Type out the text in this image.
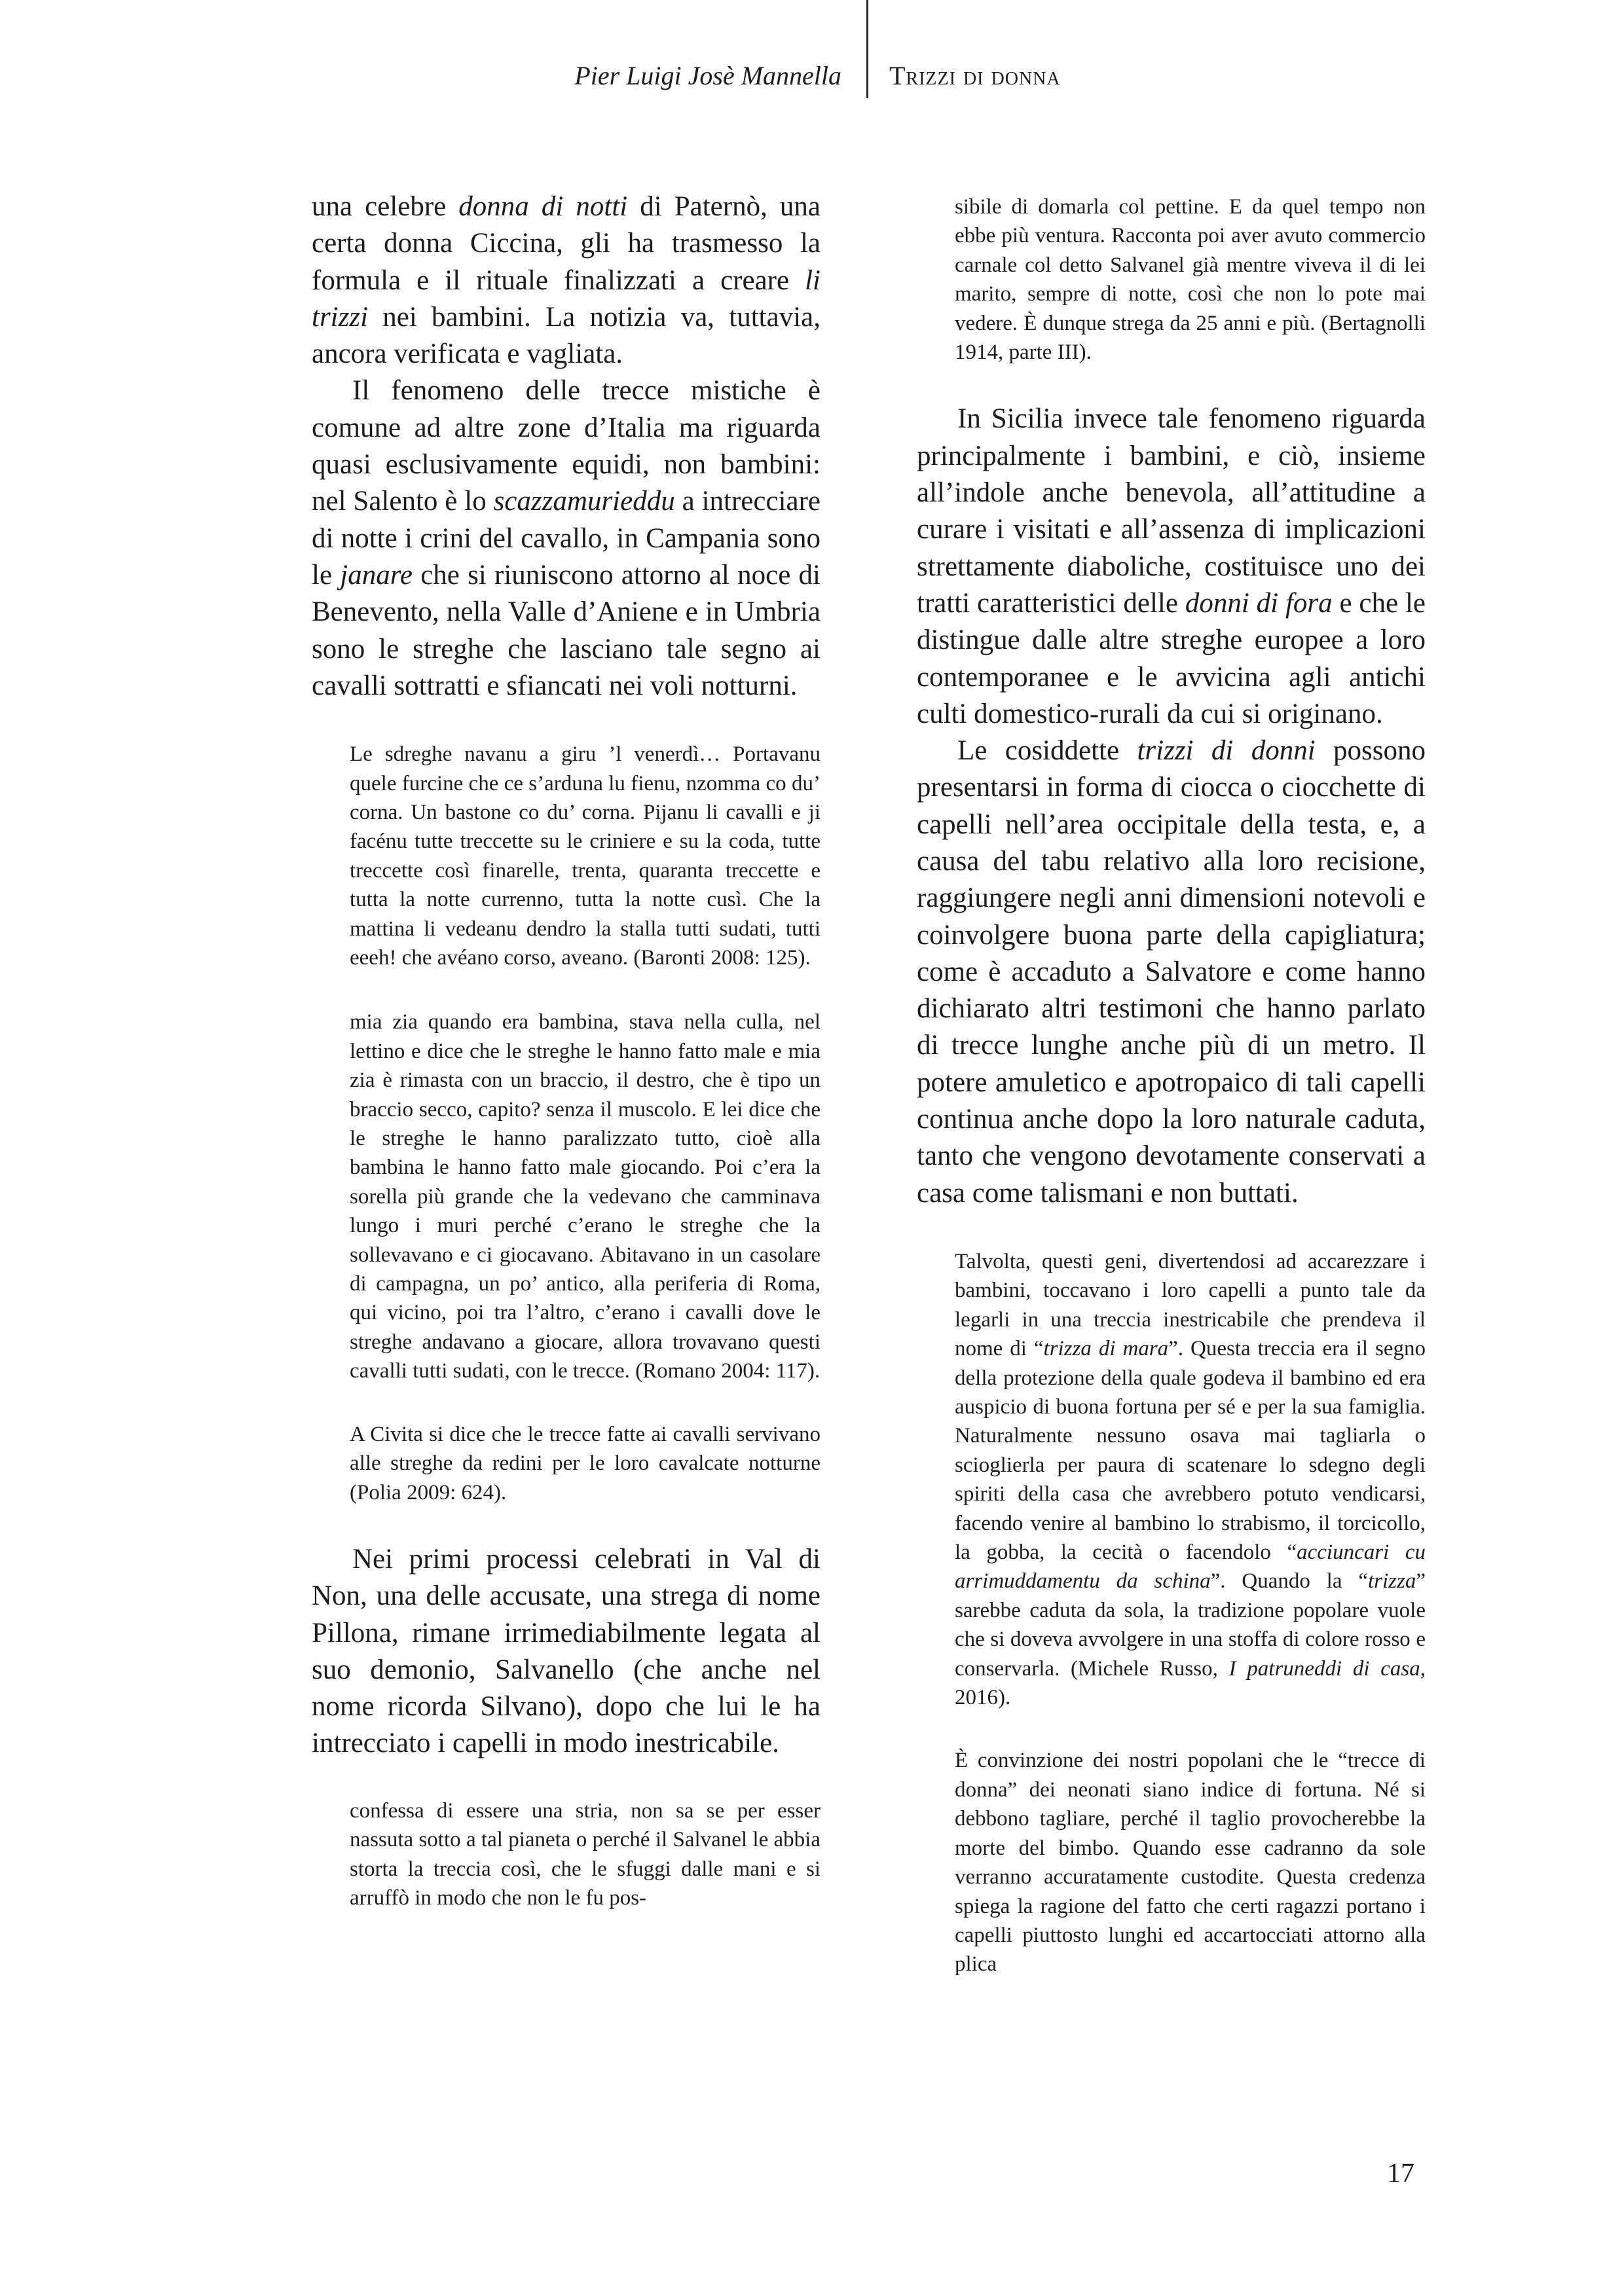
Pier Luigi Josè Mannella Trizzi di donna

una celebre donna di notti di Paternò, una certa donna Ciccina, gli ha trasmesso la formula e il rituale finalizzati a creare li trizzi nei bambini. La notizia va, tuttavia, ancora verificata e vagliata.

Il fenomeno delle trecce mistiche è comune ad altre zone d’Italia ma riguarda quasi esclusivamente equidi, non bambini: nel Salento è lo scazzamurieddu a intrecciare di notte i crini del cavallo, in Campania sono le janare che si riuniscono attorno al noce di Benevento, nella Valle d’Aniene e in Umbria sono le streghe che lasciano tale segno ai cavalli sottratti e sfiancati nei voli notturni.

Le sdreghe navanu a giru ’l venerdì… Portavanu quele furcine che ce s’arduna lu fienu, nzomma co du’ corna. Un bastone co du’ corna. Pijanu li cavalli e ji facénu tutte treccette su le criniere e su la coda, tutte treccette così finarelle, trenta, quaranta treccette e tutta la notte currenno, tutta la notte cusì. Che la mattina li vedeanu dendro la stalla tutti sudati, tutti eeeh! che avéano corso, aveano. (Baronti 2008: 125).

mia zia quando era bambina, stava nella culla, nel lettino e dice che le streghe le hanno fatto male e mia zia è rimasta con un braccio, il destro, che è tipo un braccio secco, capito? senza il muscolo. E lei dice che le streghe le hanno paralizzato tutto, cioè alla bambina le hanno fatto male giocando. Poi c’era la sorella più grande che la vedevano che camminava lungo i muri perché c’erano le streghe che la sollevavano e ci giocavano. Abitavano in un casolare di campagna, un po’ antico, alla periferia di Roma, qui vicino, poi tra l’altro, c’erano i cavalli dove le streghe andavano a giocare, allora trovavano questi cavalli tutti sudati, con le trecce. (Romano 2004: 117).

A Civita si dice che le trecce fatte ai cavalli servivano alle streghe da redini per le loro cavalcate notturne (Polia 2009: 624).

Nei primi processi celebrati in Val di Non, una delle accusate, una strega di nome Pillona, rimane irrimediabilmente legata al suo demonio, Salvanello (che anche nel nome ricorda Silvano), dopo che lui le ha intrecciato i capelli in modo inestricabile.

confessa di essere una stria, non sa se per esser nassuta sotto a tal pianeta o perché il Salvanel le abbia storta la treccia così, che le sfuggi dalle mani e si arruffò in modo che non le fu pos-

sibile di domarla col pettine. E da quel tempo non ebbe più ventura. Racconta poi aver avuto commercio carnale col detto Salvanel già mentre viveva il di lei marito, sempre di notte, così che non lo pote mai vedere. È dunque strega da 25 anni e più. (Bertagnolli 1914, parte III).

In Sicilia invece tale fenomeno riguarda principalmente i bambini, e ciò, insieme all’indole anche benevola, all’attitudine a curare i visitati e all’assenza di implicazioni strettamente diaboliche, costituisce uno dei tratti caratteristici delle donni di fora e che le distingue dalle altre streghe europee a loro contemporanee e le avvicina agli antichi culti domestico-rurali da cui si originano.

Le cosiddette trizzi di donni possono presentarsi in forma di ciocca o ciocchette di capelli nell’area occipitale della testa, e, a causa del tabu relativo alla loro recisione, raggiungere negli anni dimensioni notevoli e coinvolgere buona parte della capigliatura; come è accaduto a Salvatore e come hanno dichiarato altri testimoni che hanno parlato di trecce lunghe anche più di un metro. Il potere amuletico e apotropaico di tali capelli continua anche dopo la loro naturale caduta, tanto che vengono devotamente conservati a casa come talismani e non buttati.

Talvolta, questi geni, divertendosi ad accarezzare i bambini, toccavano i loro capelli a punto tale da legarli in una treccia inestricabile che prendeva il nome di “trizza di mara”. Questa treccia era il segno della protezione della quale godeva il bambino ed era auspicio di buona fortuna per sé e per la sua famiglia. Naturalmente nessuno osava mai tagliarla o scioglierla per paura di scatenare lo sdegno degli spiriti della casa che avrebbero potuto vendicarsi, facendo venire al bambino lo strabismo, il torcicollo, la gobba, la cecità o facendolo “acciuncari cu arrimuddamentu da schina”. Quando la “trizza” sarebbe caduta da sola, la tradizione popolare vuole che si doveva avvolgere in una stoffa di colore rosso e conservarla. (Michele Russo, I patruneddi di casa, 2016).

È convinzione dei nostri popolani che le “trecce di donna” dei neonati siano indice di fortuna. Né si debbono tagliare, perché il taglio provocherebbe la morte del bimbo. Quando esse cadranno da sole verranno accuratamente custodite. Questa credenza spiega la ragione del fatto che certi ragazzi portano i capelli piuttosto lunghi ed accartocciati attorno alla plica

17
